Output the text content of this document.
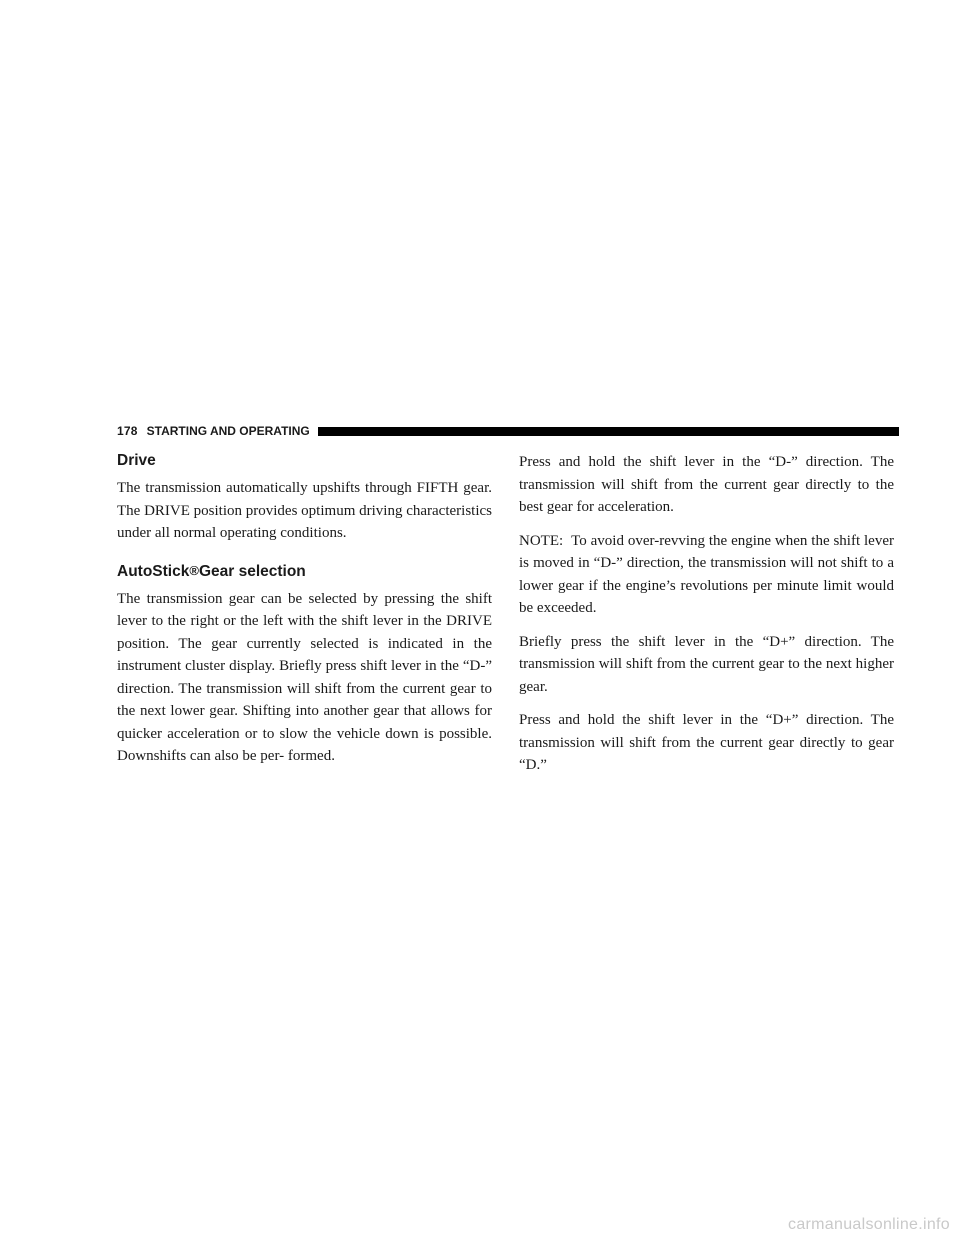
178 STARTING AND OPERATING
Drive

The transmission automatically upshifts through FIFTH gear. The DRIVE position provides optimum driving characteristics under all normal operating conditions.

AutoStick®Gear selection

The transmission gear can be selected by pressing the shift lever to the right or the left with the shift lever in the DRIVE position. The gear currently selected is indicated in the instrument cluster display. Briefly press shift lever in the “D-” direction. The transmission will shift from the current gear to the next lower gear. Shifting into another gear that allows for quicker acceleration or to slow the vehicle down is possible. Downshifts can also be per- formed.

Press and hold the shift lever in the “D-” direction. The transmission will shift from the current gear directly to the best gear for acceleration.

NOTE: To avoid over-revving the engine when the shift lever is moved in “D-” direction, the transmission will not shift to a lower gear if the engine’s revolutions per minute limit would be exceeded.

Briefly press the shift lever in the “D+” direction. The transmission will shift from the current gear to the next higher gear.

Press and hold the shift lever in the “D+” direction. The transmission will shift from the current gear directly to gear “D.”

carmanualsonline.info
